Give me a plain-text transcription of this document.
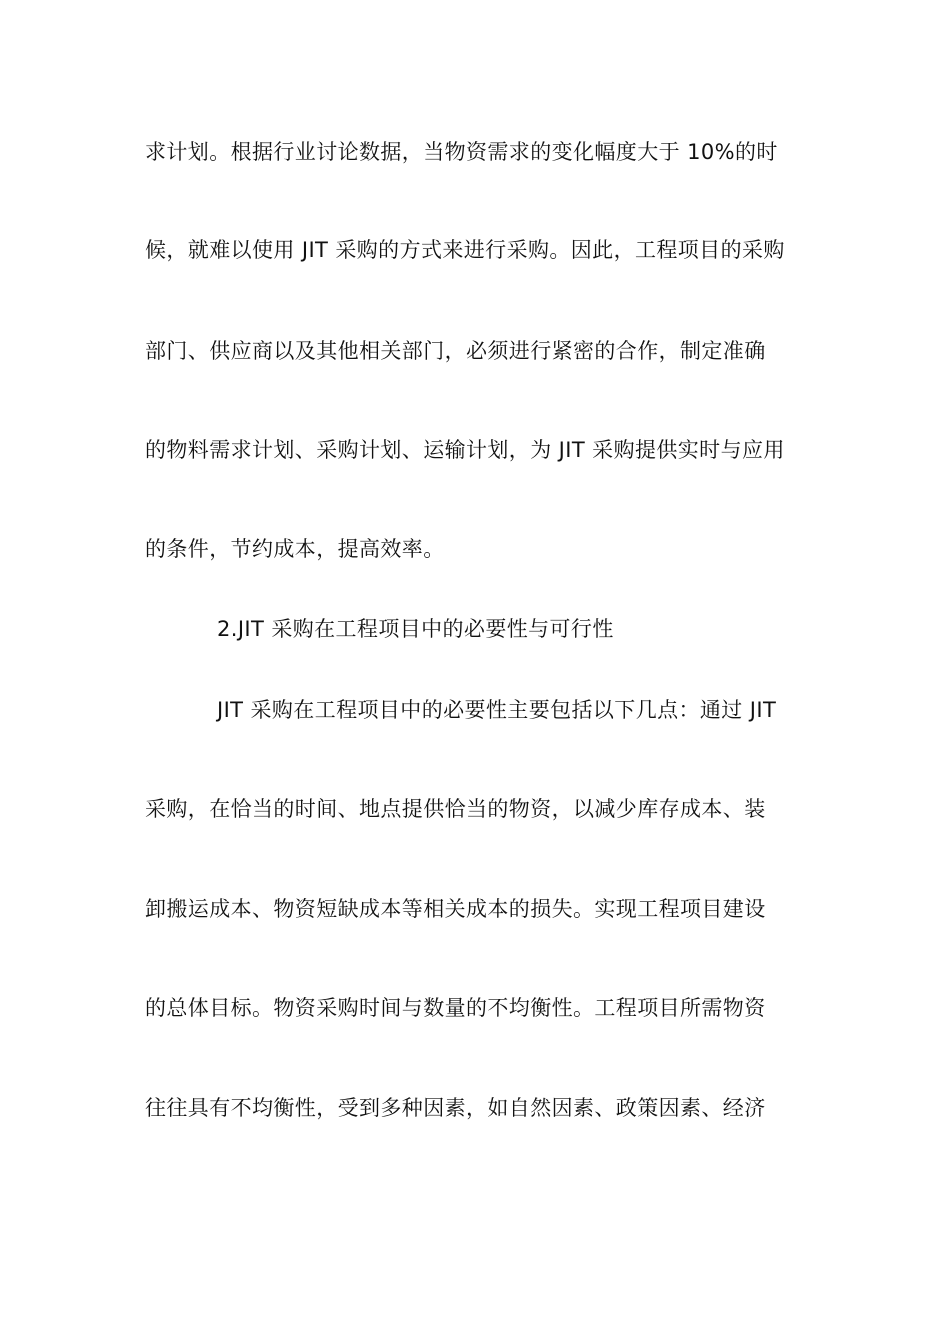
求计划。根据行业讨论数据，当物资需求的变化幅度大于 10%的时
候，就难以使用 JIT 采购的方式来进行采购。因此，工程项目的采购
部门、供应商以及其他相关部门，必须进行紧密的合作，制定准确
的物料需求计划、采购计划、运输计划，为 JIT 采购提供实时与应用
的条件，节约成本，提高效率。
2.JIT 采购在工程项目中的必要性与可行性
JIT 采购在工程项目中的必要性主要包括以下几点：通过 JIT
采购，在恰当的时间、地点提供恰当的物资，以减少库存成本、装
卸搬运成本、物资短缺成本等相关成本的损失。实现工程项目建设
的总体目标。物资采购时间与数量的不均衡性。工程项目所需物资
往往具有不均衡性，受到多种因素，如自然因素、政策因素、经济
